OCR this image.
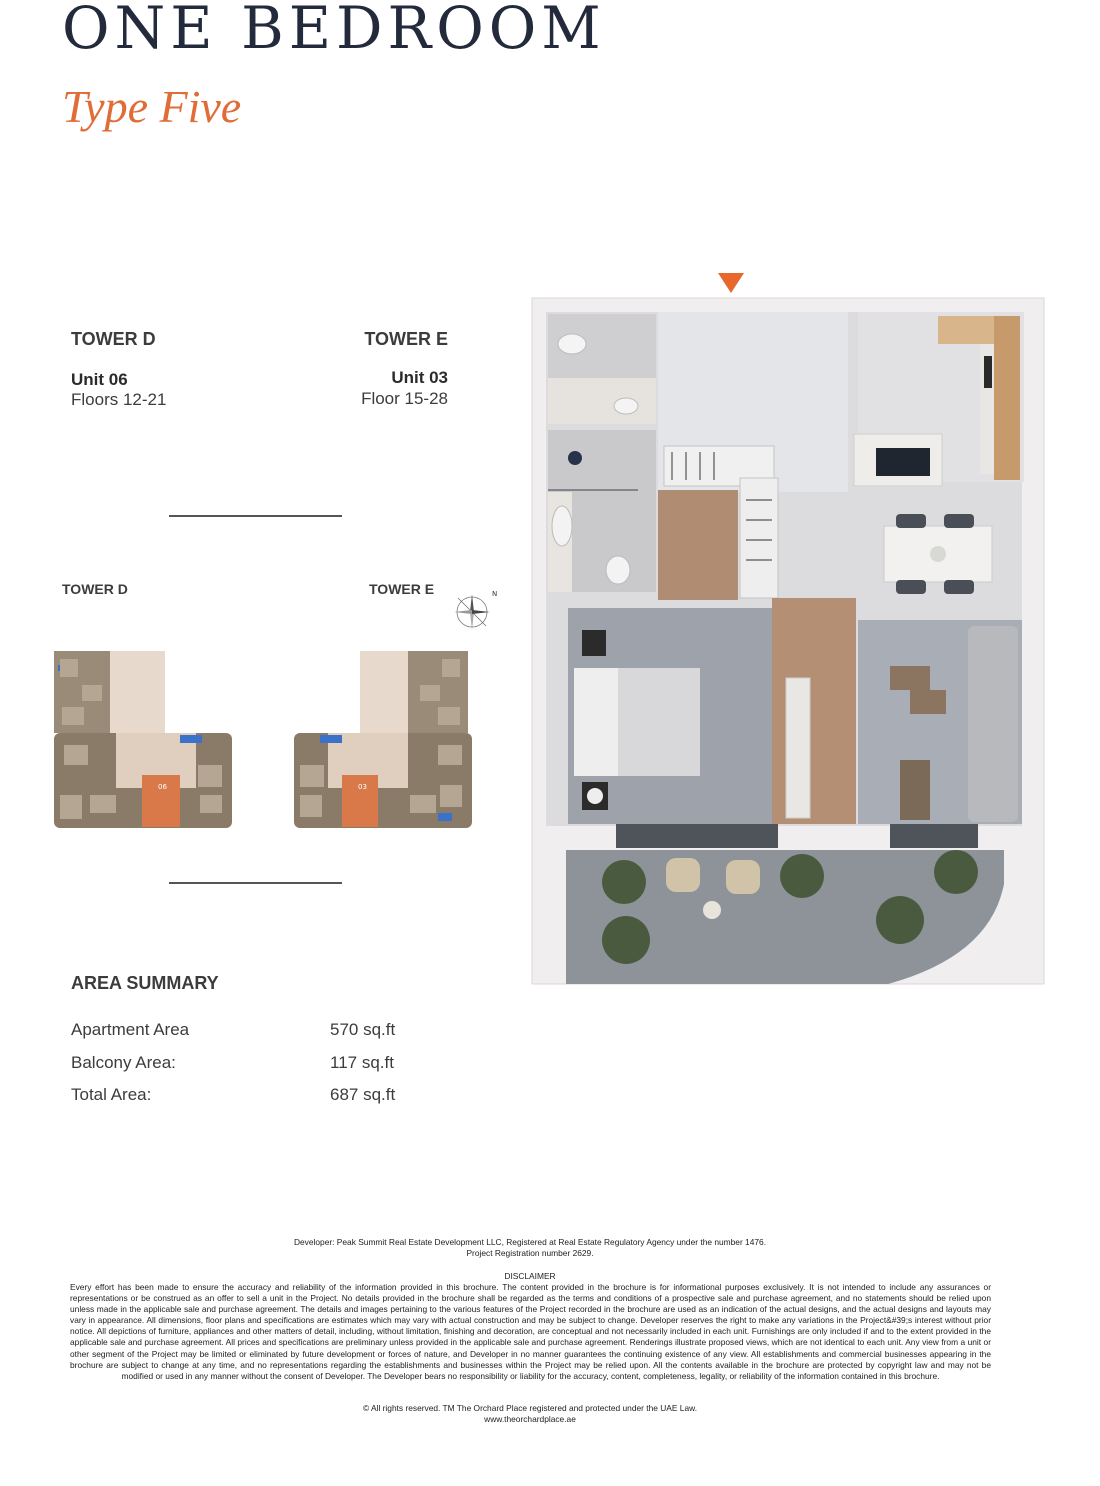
ONE BEDROOM
Type Five
TOWER D
Unit 06
Floors 12-21
TOWER E
Unit 03
Floor 15-28
TOWER D	TOWER E	N
06	03
AREA SUMMARY
Apartment Area	570 sq.ft
Balcony Area:	117 sq.ft
Total Area:	687 sq.ft
Developer: Peak Summit Real Estate Development LLC, Registered at Real Estate Regulatory Agency under the number 1476.
Project Registration number 2629.
DISCLAIMER
Every effort has been made to ensure the accuracy and reliability of the information provided in this brochure. The content provided in the brochure is for informational purposes exclusively. It is not intended to include any assurances or representations or be construed as an offer to sell a unit in the Project. No details provided in the brochure shall be regarded as the terms and conditions of a prospective sale and purchase agreement, and no statements should be relied upon unless made in the applicable sale and purchase agreement. The details and images pertaining to the various features of the Project recorded in the brochure are used as an indication of the actual designs, and the actual designs and layouts may vary in appearance. All dimensions, floor plans and specifications are estimates which may vary with actual construction and may be subject to change. Developer reserves the right to make any variations in the Project&#39;s interest without prior notice. All depictions of furniture, appliances and other matters of detail, including, without limitation, finishing and decoration, are conceptual and not necessarily included in each unit. Furnishings are only included if and to the extent provided in the applicable sale and purchase agreement. All prices and specifications are preliminary unless provided in the applicable sale and purchase agreement. Renderings illustrate proposed views, which are not identical to each unit. Any view from a unit or other segment of the Project may be limited or eliminated by future development or forces of nature, and Developer in no manner guarantees the continuing existence of any view. All establishments and commercial businesses appearing in the brochure are subject to change at any time, and no representations regarding the establishments and businesses within the Project may be relied upon. All the contents available in the brochure are protected by copyright law and may not be modified or used in any manner without the consent of Developer. The Developer bears no responsibility or liability for the accuracy, content, completeness, legality, or reliability of the information contained in this brochure.
© All rights reserved. TM The Orchard Place registered and protected under the UAE Law.
www.theorchardplace.ae
